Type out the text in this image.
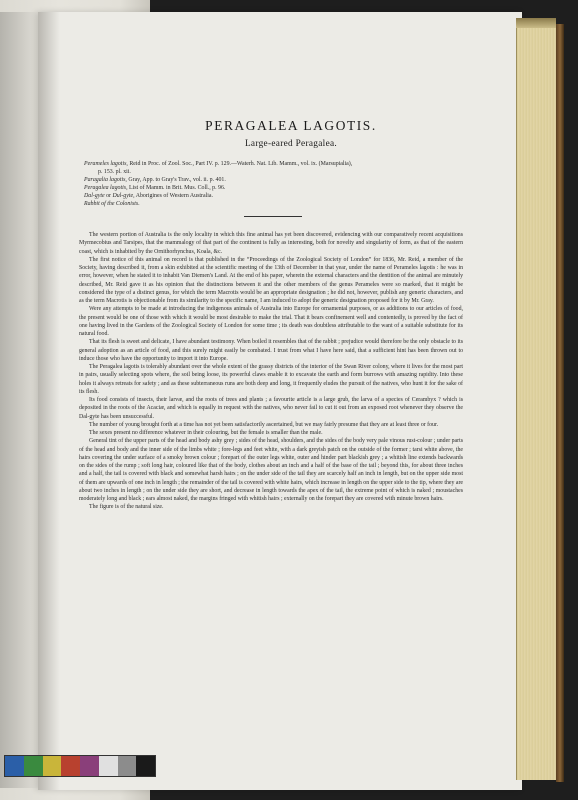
PERAGALEA LAGOTIS.
Large-eared Peragalea.
Perameles lagotis, Reid in Proc. of Zool. Soc., Part IV. p. 129.—Waterh. Nat. Lib. Mamm., vol. ix. (Marsupialia),
p. 153. pl. xii.
Paragalia lagotis, Gray, App. to Gray's Trav., vol. ii. p. 401.
Peragalea lagotis, List of Mamm. in Brit. Mus. Coll., p. 96.
Dal-gyte or Dul-gyte, Aborigines of Western Australia.
Rabbit of the Colonists.

The western portion of Australia is the only locality in which this fine animal has yet been discovered, evidencing with our comparatively recent acquisitions Myrmecobius and Tarsipes, that the mammalogy of that part of the continent is fully as interesting, both for novelty and singularity of form, as that of the eastern coast, which is inhabited by the Ornithorhynchus, Koala, &c.

The first notice of this animal on record is that published in the “Proceedings of the Zoological Society of London” for 1836, Mr. Reid, a member of the Society, having described it, from a skin exhibited at the scientific meeting of the 13th of December in that year, under the name of Perameles lagotis : he was in error, however, when he stated it to inhabit Van Diemen's Land. At the end of his paper, wherein the external characters and the dentition of the animal are minutely described, Mr. Reid gave it as his opinion that the distinctions between it and the other members of the genus Perameles were so marked, that it might be considered the type of a distinct genus, for which the term Macrotis would be an appropriate designation ; he did not, however, publish any generic characters, and as the term Macrotis is objectionable from its similarity to the specific name, I am induced to adopt the generic designation proposed for it by Mr. Gray.

Were any attempts to be made at introducing the indigenous animals of Australia into Europe for ornamental purposes, or as additions to our articles of food, the present would be one of those with which it would be most desirable to make the trial. That it bears confinement well and contentedly, is proved by the fact of one having lived in the Gardens of the Zoological Society of London for some time ; its death was doubtless attributable to the want of a suitable substitute for its natural food.

That its flesh is sweet and delicate, I have abundant testimony. When boiled it resembles that of the rabbit ; prejudice would therefore be the only obstacle to its general adoption as an article of food, and this surely might easily be combated. I trust from what I have here said, that a sufficient hint has been thrown out to induce those who have the opportunity to import it into Europe.

The Peragalea lagotis is tolerably abundant over the whole extent of the grassy districts of the interior of the Swan River colony, where it lives for the most part in pairs, usually selecting spots where, the soil being loose, its powerful claws enable it to excavate the earth and form burrows with amazing rapidity. Into these holes it always retreats for safety ; and as these subterraneous runs are both deep and long, it frequently eludes the pursuit of the natives, who hunt it for the sake of its flesh.

Its food consists of insects, their larvæ, and the roots of trees and plants ; a favourite article is a large grub, the larva of a species of Cerambyx ? which is deposited in the roots of the Acaciæ, and which is equally in request with the natives, who never fail to cut it out from an exposed root whenever they observe the Dal-gyte has been unsuccessful.

The number of young brought forth at a time has not yet been satisfactorily ascertained, but we may fairly presume that they are at least three or four.

The sexes present no difference whatever in their colouring, but the female is smaller than the male.

General tint of the upper parts of the head and body ashy grey ; sides of the head, shoulders, and the sides of the body very pale vinous rust-colour ; under parts of the head and body and the inner side of the limbs white ; fore-legs and feet white, with a dark greyish patch on the outside of the former ; tarsi white above, the hairs covering the under surface of a smoky brown colour ; forepart of the outer legs white, outer and hinder part blackish grey ; a whitish line extends backwards on the sides of the rump ; soft long hair, coloured like that of the body, clothes about an inch and a half of the base of the tail ; beyond this, for about three inches and a half, the tail is covered with black and somewhat harsh hairs ; on the under side of the tail they are scarcely half an inch in length, but on the upper side most of them are upwards of one inch in length ; the remainder of the tail is covered with white hairs, which increase in length on the upper side to the tip, where they are about two inches in length ; on the under side they are short, and decrease in length towards the apex of the tail, the extreme point of which is naked ; moustaches moderately long and black ; ears almost naked, the margins fringed with whitish hairs ; externally on the forepart they are covered with minute brown hairs.

The figure is of the natural size.
